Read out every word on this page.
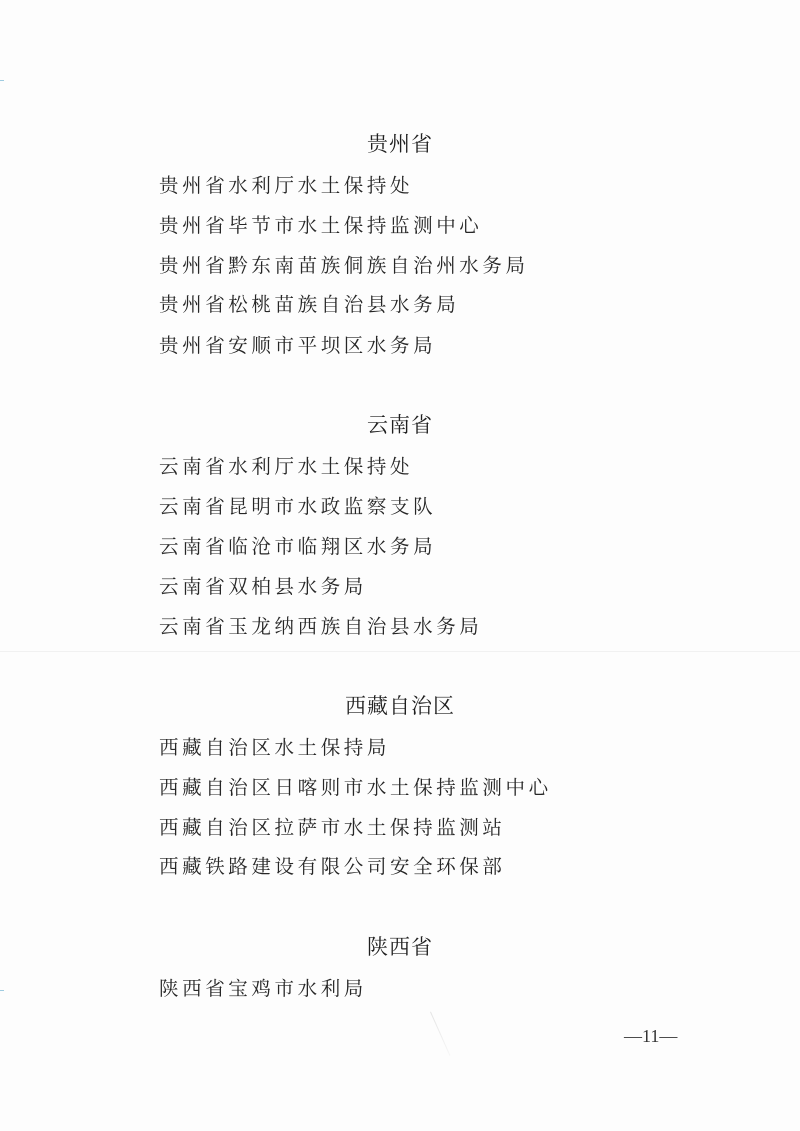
贵州省
贵州省水利厅水土保持处
贵州省毕节市水土保持监测中心
贵州省黔东南苗族侗族自治州水务局
贵州省松桃苗族自治县水务局
贵州省安顺市平坝区水务局
云南省
云南省水利厅水土保持处
云南省昆明市水政监察支队
云南省临沧市临翔区水务局
云南省双柏县水务局
云南省玉龙纳西族自治县水务局
西藏自治区
西藏自治区水土保持局
西藏自治区日喀则市水土保持监测中心
西藏自治区拉萨市水土保持监测站
西藏铁路建设有限公司安全环保部
陕西省
陕西省宝鸡市水利局
—11—
